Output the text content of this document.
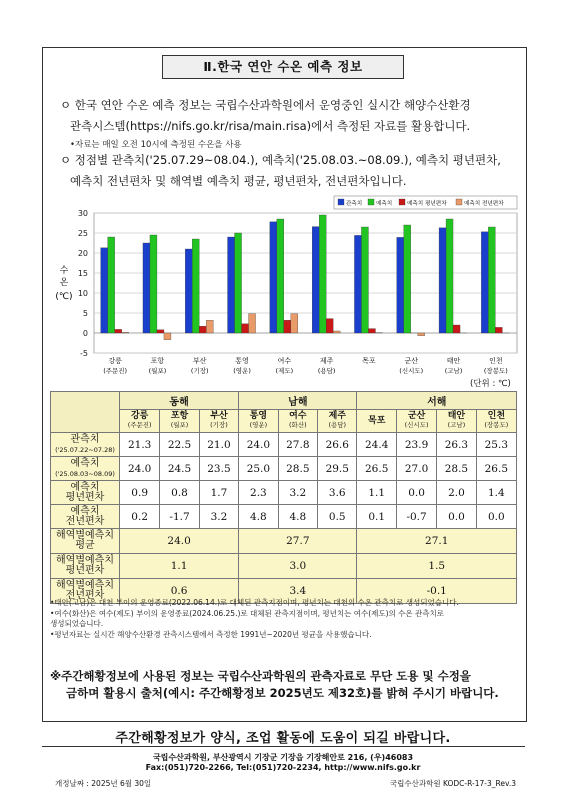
Ⅱ.한국 연안 수온 예측 정보
ㅇ 한국 연안 수온 예측 정보는 국립수산과학원에서 운영중인 실시간 해양수산환경
관측시스템(https://nifs.go.kr/risa/main.risa)에서 측정된 자료를 활용합니다.
•자료는 매일 오전 10시에 측정된 수온을 사용
ㅇ 정점별 관측치('25.07.29~08.04.), 예측치('25.08.03.~08.09.), 예측치 평년편차,
예측치 전년편차 및 해역별 예측치 평균, 평년편차, 전년편차입니다.
-5
0
5
10
15
20
25
30
수
온
(℃)
강릉
(주문진)
포항
(월포)
부산
(기장)
통영
(영운)
여수
(제도)
제주
(용담)
목포	군산
(신시도)
태안
(고남)
인천
(장봉도)
관측치 예측치	예측치 평년편차	예측치 전년편차
(단위 : ℃)
	동해			남해			서해			
	강릉
(주문진)	포항
(월포)	부산
(기장)	통영
(영운)	여수
(화산)	제주
(용담)	목포	군산
(신시도)	태안
(고남)	인천
(장봉도)

관측치
('25.07.22~07.28)	21.3	22.5	21.0	24.0	27.8	26.6	24.4	23.9	26.3	25.3

예측치
('25.08.03~08.09)	24.0	24.5	23.5	25.0	28.5	29.5	26.5	27.0	28.5	26.5

예측치
평년편차	0.9	0.8	1.7	2.3	3.2	3.6	1.1	0.0	2.0	1.4

예측치
전년편차	0.2	-1.7	3.2	4.8	4.8	0.5	0.1	-0.7	0.0	0.0

해역별예측치
평균	24.0			27.7			27.1			

해역별예측치
평년편차	1.1			3.0			1.5			

해역별예측치
전년편차	0.6			3.4			-0.1			
•태안(고남)은 대천 부이의 운영종료(2022.06.14.)로 대체된 관측지점이며, 평년치는 대천의 수온 관측치로 생성되었습니다.
•여수(화산)은 여수(제도) 부이의 운영종료(2024.06.25.)로 대체된 관측지점이며, 평년치는 여수(제도)의 수온 관측치로
생성되었습니다.
•평년자료는 실시간 해양수산환경 관측시스템에서 측정한 1991년~2020년 평균을 사용했습니다.
※주간해황정보에 사용된 정보는 국립수산과학원의 관측자료로 무단 도용 및 수정을
금하며 활용시 출처(예시: 주간해황정보 2025년도 제32호)를 밝혀 주시기 바랍니다.
주간해황정보가 양식, 조업 활동에 도움이 되길 바랍니다.
국립수산과학원, 부산광역시 기장군 기장읍 기장해안로 216, (우)46083
Fax:(051)720-2266, Tel:(051)720-2234, http://www.nifs.go.kr
개정날짜 : 2025년 6월 30일	국립수산과학원 KODC-R-17-3_Rev.3
